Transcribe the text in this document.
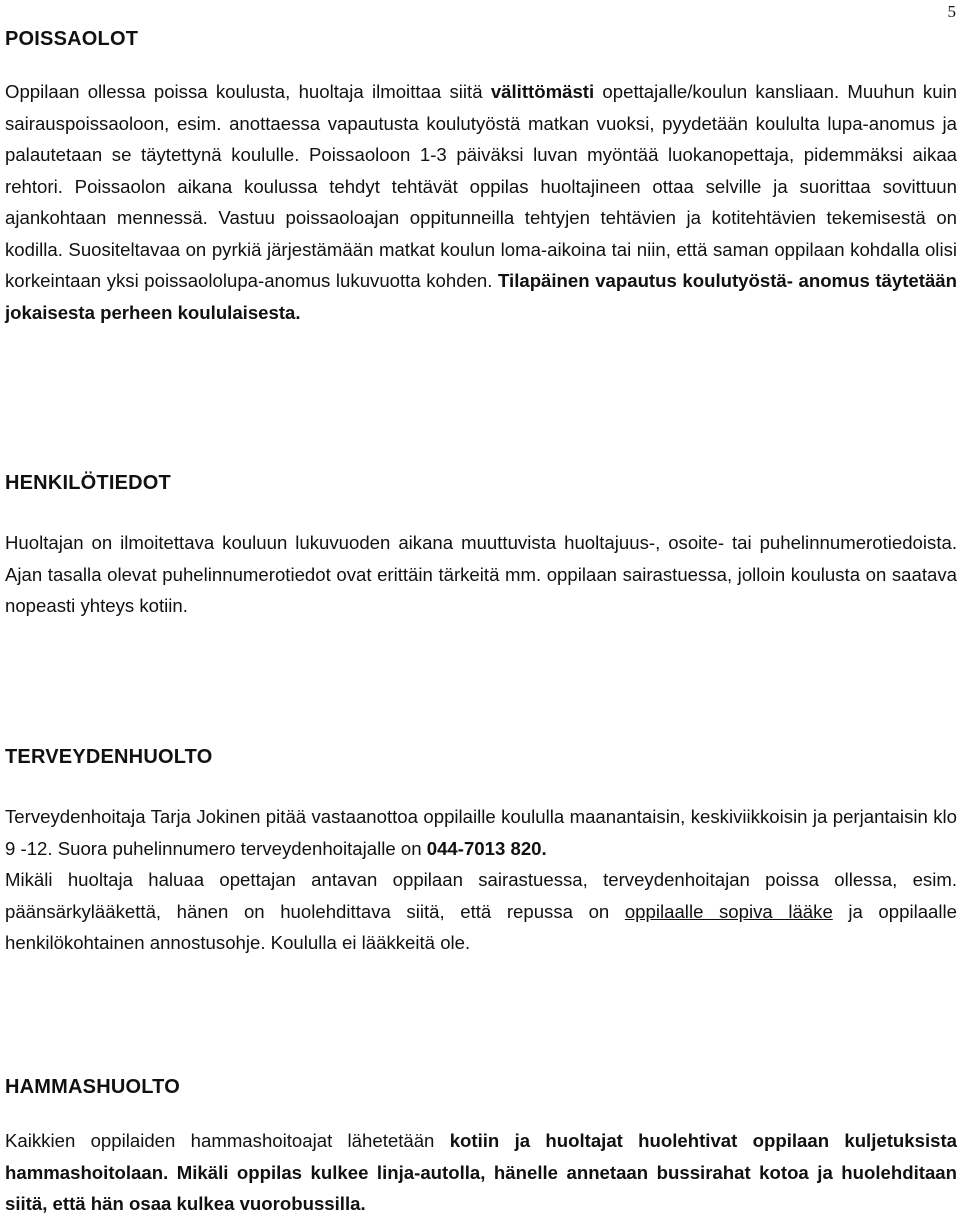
5
POISSAOLOT

Oppilaan ollessa poissa koulusta, huoltaja ilmoittaa siitä välittömästi opettajalle/koulun kansliaan. Muuhun kuin sairauspoissaoloon, esim. anottaessa vapautusta koulutyöstä matkan vuoksi, pyydetään koululta lupa-anomus ja palautetaan se täytettynä koululle. Poissaoloon 1-3 päiväksi luvan myöntää luokanopettaja, pidemmäksi aikaa rehtori. Poissaolon aikana koulussa tehdyt tehtävät oppilas huoltajineen ottaa selville ja suorittaa sovittuun ajankohtaan mennessä. Vastuu poissaoloajan oppitunneilla tehtyjen tehtävien ja kotitehtävien tekemisestä on kodilla. Suositeltavaa on pyrkiä järjestämään matkat koulun loma-aikoina tai niin, että saman oppilaan kohdalla olisi korkeintaan yksi poissaololupa-anomus lukuvuotta kohden. Tilapäinen vapautus koulutyöstä- anomus täytetään jokaisesta perheen koululaisesta.

HENKILÖTIEDOT

Huoltajan on ilmoitettava kouluun lukuvuoden aikana muuttuvista huoltajuus-, osoite- tai puhelinnumerotiedoista. Ajan tasalla olevat puhelinnumerotiedot ovat erittäin tärkeitä mm. oppilaan sairastuessa, jolloin koulusta on saatava nopeasti yhteys kotiin.

TERVEYDENHUOLTO

Terveydenhoitaja Tarja Jokinen pitää vastaanottoa oppilaille koululla maanantaisin, keskiviikkoisin ja perjantaisin klo 9 -12. Suora puhelinnumero terveydenhoitajalle on 044-7013 820.

Mikäli huoltaja haluaa opettajan antavan oppilaan sairastuessa, terveydenhoitajan poissa ollessa, esim. päänsärkylääkettä, hänen on huolehdittava siitä, että repussa on oppilaalle sopiva lääke ja oppilaalle henkilökohtainen annostusohje. Koululla ei lääkkeitä ole.

HAMMASHUOLTO

Kaikkien oppilaiden hammashoitoajat lähetetään kotiin ja huoltajat huolehtivat oppilaan kuljetuksista hammashoitolaan. Mikäli oppilas kulkee linja-autolla, hänelle annetaan bussirahat kotoa ja huolehditaan siitä, että hän osaa kulkea vuorobussilla.
